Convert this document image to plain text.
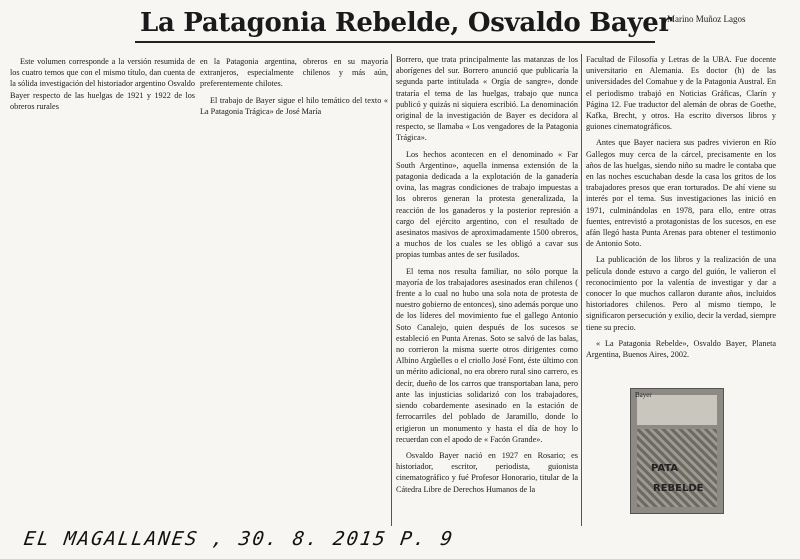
La Patagonia Rebelde, Osvaldo Bayer
Marino Muñoz Lagos

Este volumen corresponde a la versión resumida de los cuatro temos que con el mismo título, dan cuenta de la sólida investigación del historiador argentino Osvaldo Bayer respecto de las huelgas de 1921 y 1922 de los obreros rurales

en la Patagonia argentina, obreros en su mayoría extranjeros, especialmente chilenos y más aún, preferentemente chilotes.

El trabajo de Bayer sigue el hilo temático del texto « La Patagonia Trágica» de José María

Borrero, que trata principalmente las matanzas de los aborígenes del sur. Borrero anunció que publicaría la segunda parte intitulada « Orgía de sangre», donde trataría el tema de las huelgas, trabajo que nunca publicó y quizás ni siquiera escribió. La denominación original de la investigación de Bayer es decidora al respecto, se llamaba « Los vengadores de la Patagonia Trágica».

Los hechos acontecen en el denominado « Far South Argentino», aquella inmensa extensión de la patagonia dedicada a la explotación de la ganadería ovina, las magras condiciones de trabajo impuestas a los obreros generan la protesta generalizada, la reacción de los ganaderos y la posterior represión a cargo del ejército argentino, con el resultado de asesinatos masivos de aproximadamente 1500 obreros, a muchos de los cuales se les obligó a cavar sus propias tumbas antes de ser fusilados.

El tema nos resulta familiar, no sólo porque la mayoría de los trabajadores asesinados eran chilenos ( frente a lo cual no hubo una sola nota de protesta de nuestro gobierno de entonces), sino además porque uno de los líderes del movimiento fue el gallego Antonio Soto Canalejo, quien después de los sucesos se estableció en Punta Arenas. Soto se salvó de las balas, no corrieron la misma suerte otros dirigentes como Albino Argüelles o el criollo José Font, éste último con un mérito adicional, no era obrero rural sino carrero, es decir, dueño de los carros que transportaban lana, pero ante las injusticias solidarizó con los trabajadores, siendo cobardemente asesinado en la estación de ferrocarriles del poblado de Jaramillo, donde lo erigieron un monumento y hasta el día de hoy lo recuerdan con el apodo de « Facón Grande».

Osvaldo Bayer nació en 1927 en Rosario; es historiador, escritor, periodista, guionista cinematográfico y fué Profesor Honorario, titular de la Cátedra Libre de Derechos Humanos de la

Facultad de Filosofía y Letras de la UBA. Fue docente universitario en Alemania. Es doctor (h) de las universidades del Comahue y de la Patagonia Austral. En el periodismo trabajó en Noticias Gráficas, Clarín y Página 12. Fue traductor del alemán de obras de Goethe, Kafka, Brecht, y otros. Ha escrito diversos libros y guiones cinematográficos.

Antes que Bayer naciera sus padres vivieron en Río Gallegos muy cerca de la cárcel, precisamente en los años de las huelgas, siendo niño su madre le contaba que en las noches escuchaban desde la casa los gritos de los trabajadores presos que eran torturados. De ahí viene su interés por el tema. Sus investigaciones las inició en 1971, culminándolas en 1978, para ello, entre otras fuentes, entrevistó a protagonistas de los sucesos, en ese afán llegó hasta Punta Arenas para obtener el testimonio de Antonio Soto.

La publicación de los libros y la realización de una película donde estuvo a cargo del guión, le valieron el reconocimiento por la valentía de investigar y dar a conocer lo que muchos callaron durante años, incluidos historiadores chilenos. Pero al mismo tiempo, le significaron persecución y exilio, decir la verdad, siempre tiene su precio.

« La Patagonia Rebelde», Osvaldo Bayer, Planeta Argentina, Buenos Aires, 2002.

Bayer
PATA
REBELDE
EL MAGALLANES , 30. 8. 2015 P. 9
